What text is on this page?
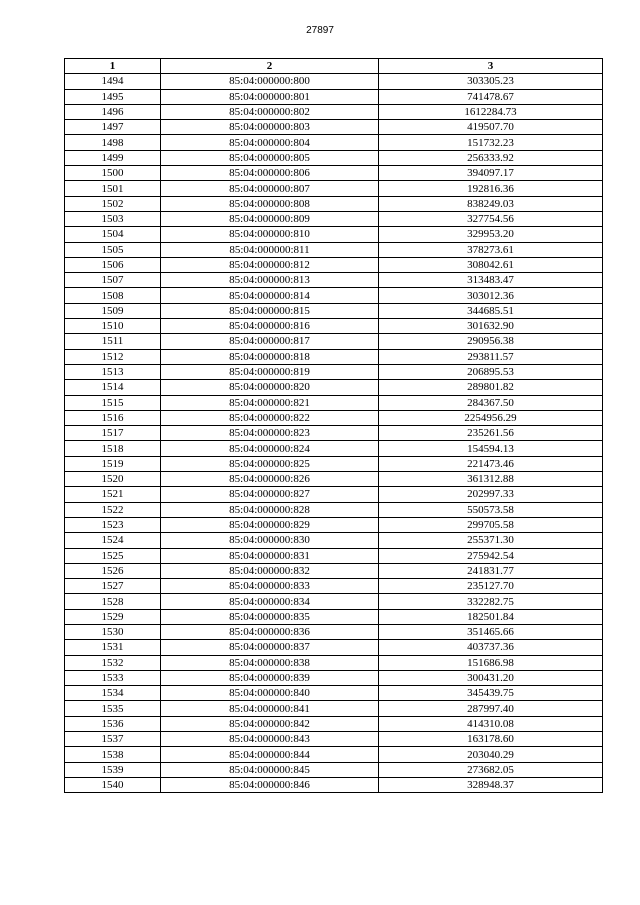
27897
1	2	3
1494	85:04:000000:800	303305.23
1495	85:04:000000:801	741478.67
1496	85:04:000000:802	1612284.73
1497	85:04:000000:803	419507.70
1498	85:04:000000:804	151732.23
1499	85:04:000000:805	256333.92
1500	85:04:000000:806	394097.17
1501	85:04:000000:807	192816.36
1502	85:04:000000:808	838249.03
1503	85:04:000000:809	327754.56
1504	85:04:000000:810	329953.20
1505	85:04:000000:811	378273.61
1506	85:04:000000:812	308042.61
1507	85:04:000000:813	313483.47
1508	85:04:000000:814	303012.36
1509	85:04:000000:815	344685.51
1510	85:04:000000:816	301632.90
1511	85:04:000000:817	290956.38
1512	85:04:000000:818	293811.57
1513	85:04:000000:819	206895.53
1514	85:04:000000:820	289801.82
1515	85:04:000000:821	284367.50
1516	85:04:000000:822	2254956.29
1517	85:04:000000:823	235261.56
1518	85:04:000000:824	154594.13
1519	85:04:000000:825	221473.46
1520	85:04:000000:826	361312.88
1521	85:04:000000:827	202997.33
1522	85:04:000000:828	550573.58
1523	85:04:000000:829	299705.58
1524	85:04:000000:830	255371.30
1525	85:04:000000:831	275942.54
1526	85:04:000000:832	241831.77
1527	85:04:000000:833	235127.70
1528	85:04:000000:834	332282.75
1529	85:04:000000:835	182501.84
1530	85:04:000000:836	351465.66
1531	85:04:000000:837	403737.36
1532	85:04:000000:838	151686.98
1533	85:04:000000:839	300431.20
1534	85:04:000000:840	345439.75
1535	85:04:000000:841	287997.40
1536	85:04:000000:842	414310.08
1537	85:04:000000:843	163178.60
1538	85:04:000000:844	203040.29
1539	85:04:000000:845	273682.05
1540	85:04:000000:846	328948.37
